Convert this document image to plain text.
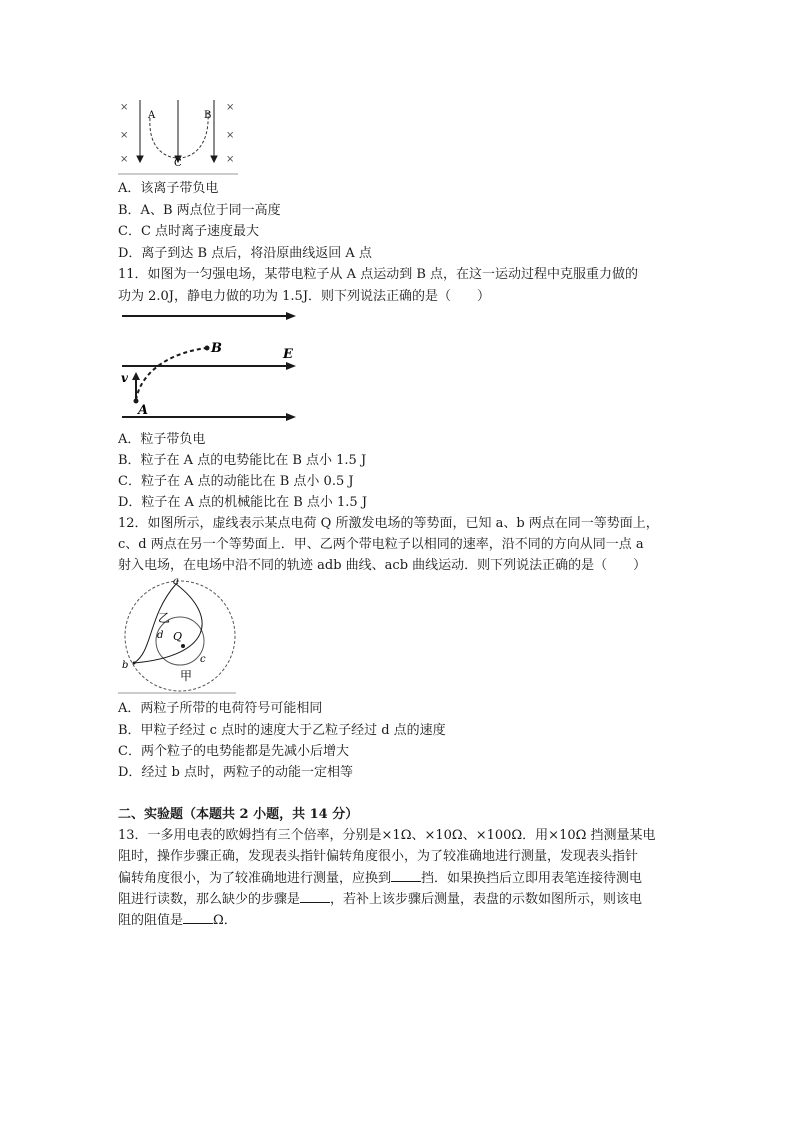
×
×
×
×
×
×
A	B
C
A．该离子带负电
B．A、B 两点位于同一高度
C．C 点时离子速度最大
D．离子到达 B 点后，将沿原曲线返回 A 点
11．如图为一匀强电场，某带电粒子从 A 点运动到 B 点，在这一运动过程中克服重力做的
功为 2.0J，静电力做的功为 1.5J．则下列说法正确的是（　　）
A
B	E
v
A．粒子带负电
B．粒子在 A 点的电势能比在 B 点小 1.5 J
C．粒子在 A 点的动能比在 B 点小 0.5 J
D．粒子在 A 点的机械能比在 B 点小 1.5 J
12．如图所示，虚线表示某点电荷 Q 所激发电场的等势面，已知 a、b 两点在同一等势面上，
c、d 两点在另一个等势面上．甲、乙两个带电粒子以相同的速率，沿不同的方向从同一点 a
射入电场，在电场中沿不同的轨迹 adb 曲线、acb 曲线运动．则下列说法正确的是（　　）
a
b
c
d Q
乙
甲
A．两粒子所带的电荷符号可能相同
B．甲粒子经过 c 点时的速度大于乙粒子经过 d 点的速度
C．两个粒子的电势能都是先减小后增大
D．经过 b 点时，两粒子的动能一定相等
二、实验题（本题共 2 小题，共 14 分）
13．一多用电表的欧姆挡有三个倍率，分别是×1Ω、×10Ω、×100Ω．用×10Ω 挡测量某电
阻时，操作步骤正确，发现表头指针偏转角度很小，为了较准确地进行测量，发现表头指针
偏转角度很小，为了较准确地进行测量，应换到 挡．如果换挡后立即用表笔连接待测电
阻进行读数，那么缺少的步骤是 ，若补上该步骤后测量，表盘的示数如图所示，则该电
阻的阻值是 Ω．
